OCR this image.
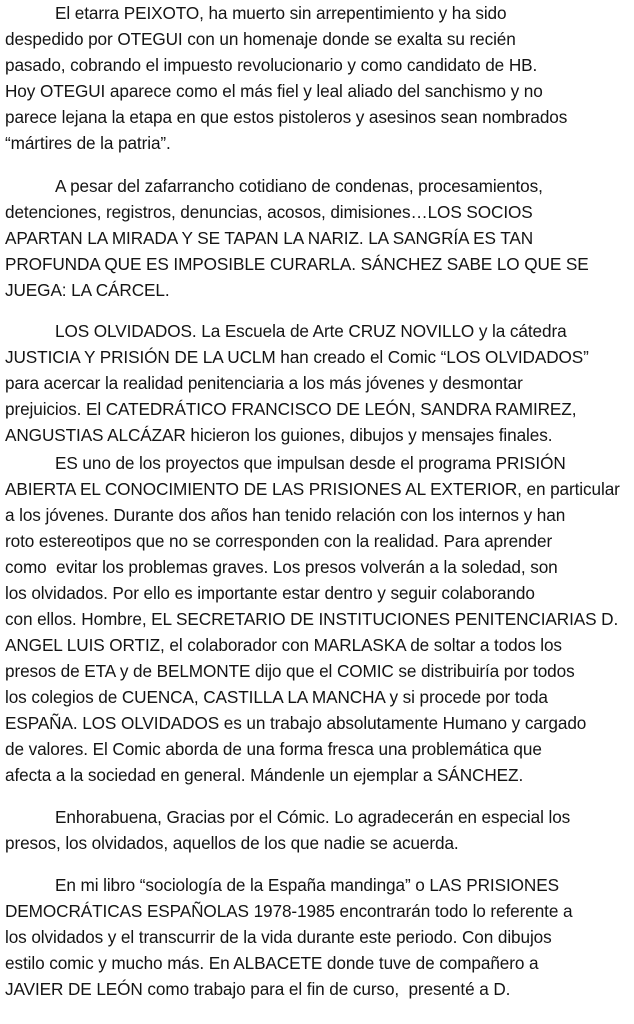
El etarra PEIXOTO, ha muerto sin arrepentimiento y ha sido
despedido por OTEGUI con un homenaje donde se exalta su recién
pasado, cobrando el impuesto revolucionario y como candidato de HB.
Hoy OTEGUI aparece como el más fiel y leal aliado del sanchismo y no
parece lejana la etapa en que estos pistoleros y asesinos sean nombrados
“mártires de la patria”.
A pesar del zafarrancho cotidiano de condenas, procesamientos,
detenciones, registros, denuncias, acosos, dimisiones…LOS SOCIOS
APARTAN LA MIRADA Y SE TAPAN LA NARIZ. LA SANGRÍA ES TAN
PROFUNDA QUE ES IMPOSIBLE CURARLA. SÁNCHEZ SABE LO QUE SE
JUEGA: LA CÁRCEL.
LOS OLVIDADOS. La Escuela de Arte CRUZ NOVILLO y la cátedra
JUSTICIA Y PRISIÓN DE LA UCLM han creado el Comic “LOS OLVIDADOS”
para acercar la realidad penitenciaria a los más jóvenes y desmontar
prejuicios. El CATEDRÁTICO FRANCISCO DE LEÓN, SANDRA RAMIREZ,
ANGUSTIAS ALCÁZAR hicieron los guiones, dibujos y mensajes finales.
ES uno de los proyectos que impulsan desde el programa PRISIÓN
ABIERTA EL CONOCIMIENTO DE LAS PRISIONES AL EXTERIOR, en particular
a los jóvenes. Durante dos años han tenido relación con los internos y han
roto estereotipos que no se corresponden con la realidad. Para aprender
como  evitar los problemas graves. Los presos volverán a la soledad, son
los olvidados. Por ello es importante estar dentro y seguir colaborando
con ellos. Hombre, EL SECRETARIO DE INSTITUCIONES PENITENCIARIAS D.
ANGEL LUIS ORTIZ, el colaborador con MARLASKA de soltar a todos los
presos de ETA y de BELMONTE dijo que el COMIC se distribuiría por todos
los colegios de CUENCA, CASTILLA LA MANCHA y si procede por toda
ESPAÑA. LOS OLVIDADOS es un trabajo absolutamente Humano y cargado
de valores. El Comic aborda de una forma fresca una problemática que
afecta a la sociedad en general. Mándenle un ejemplar a SÁNCHEZ.
Enhorabuena, Gracias por el Cómic. Lo agradecerán en especial los
presos, los olvidados, aquellos de los que nadie se acuerda.
En mi libro “sociología de la España mandinga” o LAS PRISIONES
DEMOCRÁTICAS ESPAÑOLAS 1978-1985 encontrarán todo lo referente a
los olvidados y el transcurrir de la vida durante este periodo. Con dibujos
estilo comic y mucho más. En ALBACETE donde tuve de compañero a
JAVIER DE LEÓN como trabajo para el fin de curso,  presenté a D.
